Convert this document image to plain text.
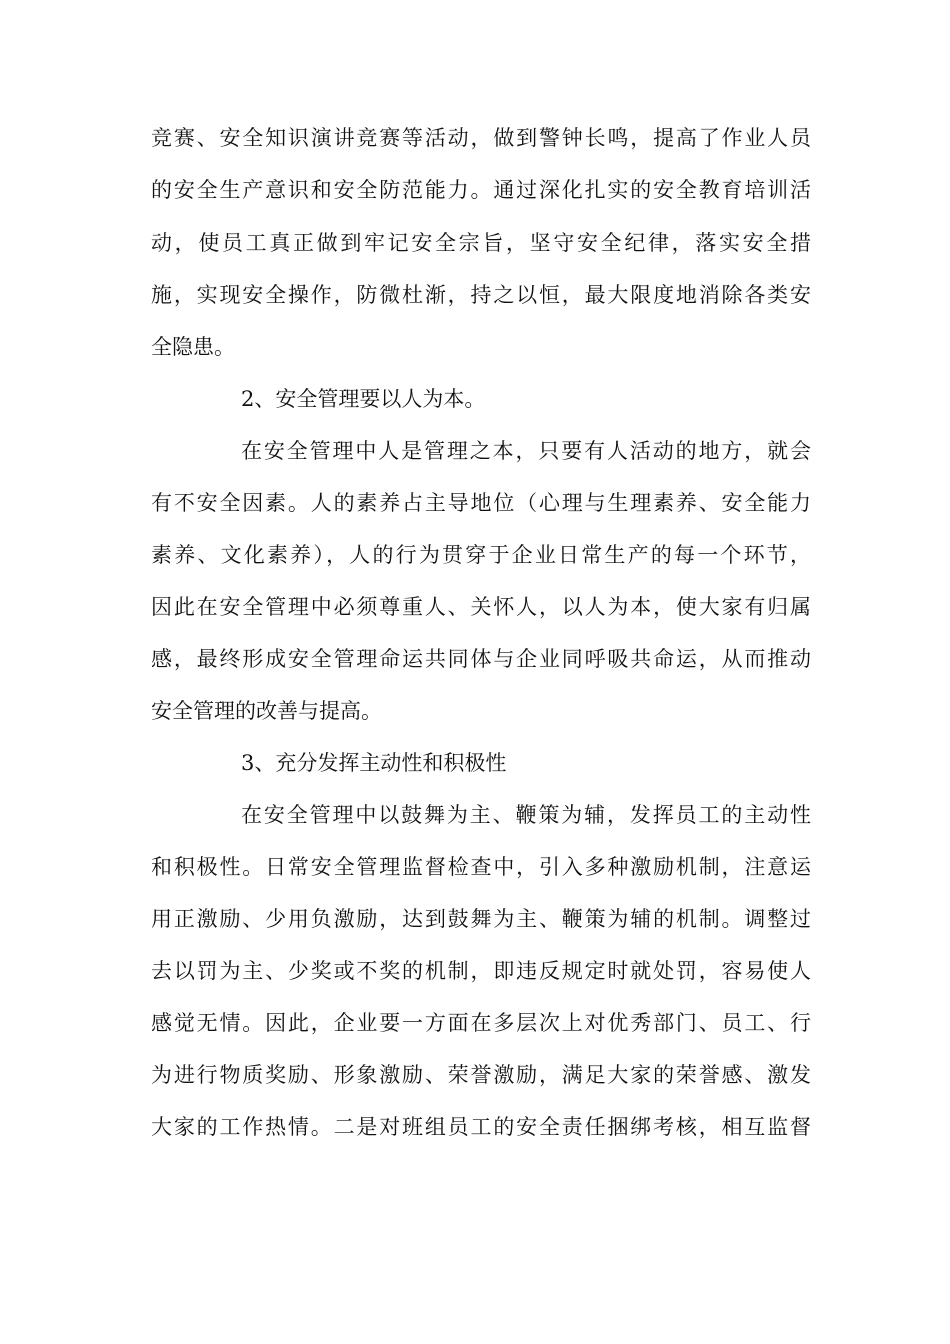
竞赛、安全知识演讲竞赛等活动，做到警钟长鸣，提高了作业人员
的安全生产意识和安全防范能力。通过深化扎实的安全教育培训活
动，使员工真正做到牢记安全宗旨，坚守安全纪律，落实安全措
施，实现安全操作，防微杜渐，持之以恒，最大限度地消除各类安
全隐患。
2、安全管理要以人为本。
在安全管理中人是管理之本，只要有人活动的地方，就会
有不安全因素。人的素养占主导地位（心理与生理素养、安全能力
素养、文化素养），人的行为贯穿于企业日常生产的每一个环节，
因此在安全管理中必须尊重人、关怀人，以人为本，使大家有归属
感，最终形成安全管理命运共同体与企业同呼吸共命运，从而推动
安全管理的改善与提高。
3、充分发挥主动性和积极性
在安全管理中以鼓舞为主、鞭策为辅，发挥员工的主动性
和积极性。日常安全管理监督检查中，引入多种激励机制，注意运
用正激励、少用负激励，达到鼓舞为主、鞭策为辅的机制。调整过
去以罚为主、少奖或不奖的机制，即违反规定时就处罚，容易使人
感觉无情。因此，企业要一方面在多层次上对优秀部门、员工、行
为进行物质奖励、形象激励、荣誉激励，满足大家的荣誉感、激发
大家的工作热情。二是对班组员工的安全责任捆绑考核，相互监督
